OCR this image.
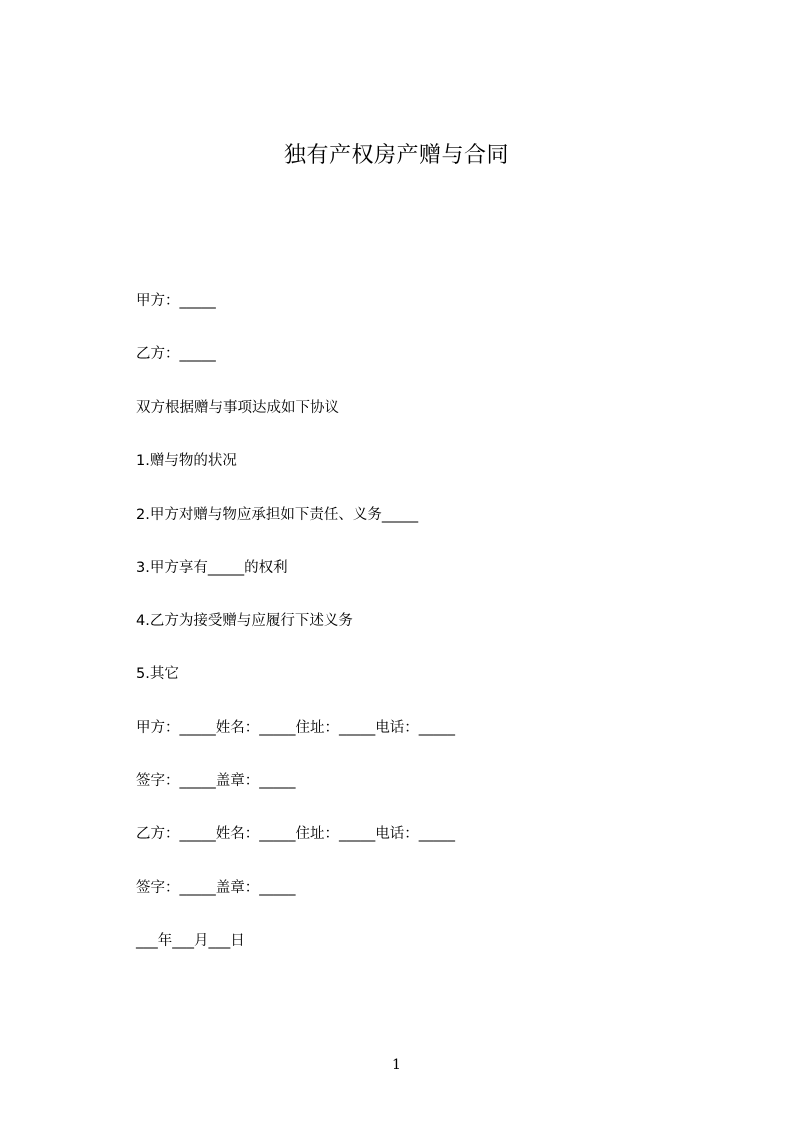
独有产权房产赠与合同

甲方：_____

乙方：_____

双方根据赠与事项达成如下协议

1.赠与物的状况

2.甲方对赠与物应承担如下责任、义务_____

3.甲方享有_____的权利

4.乙方为接受赠与应履行下述义务

5.其它

甲方：_____姓名：_____住址：_____电话：_____

签字：_____盖章：_____

乙方：_____姓名：_____住址：_____电话：_____

签字：_____盖章：_____

___年___月___日

1
